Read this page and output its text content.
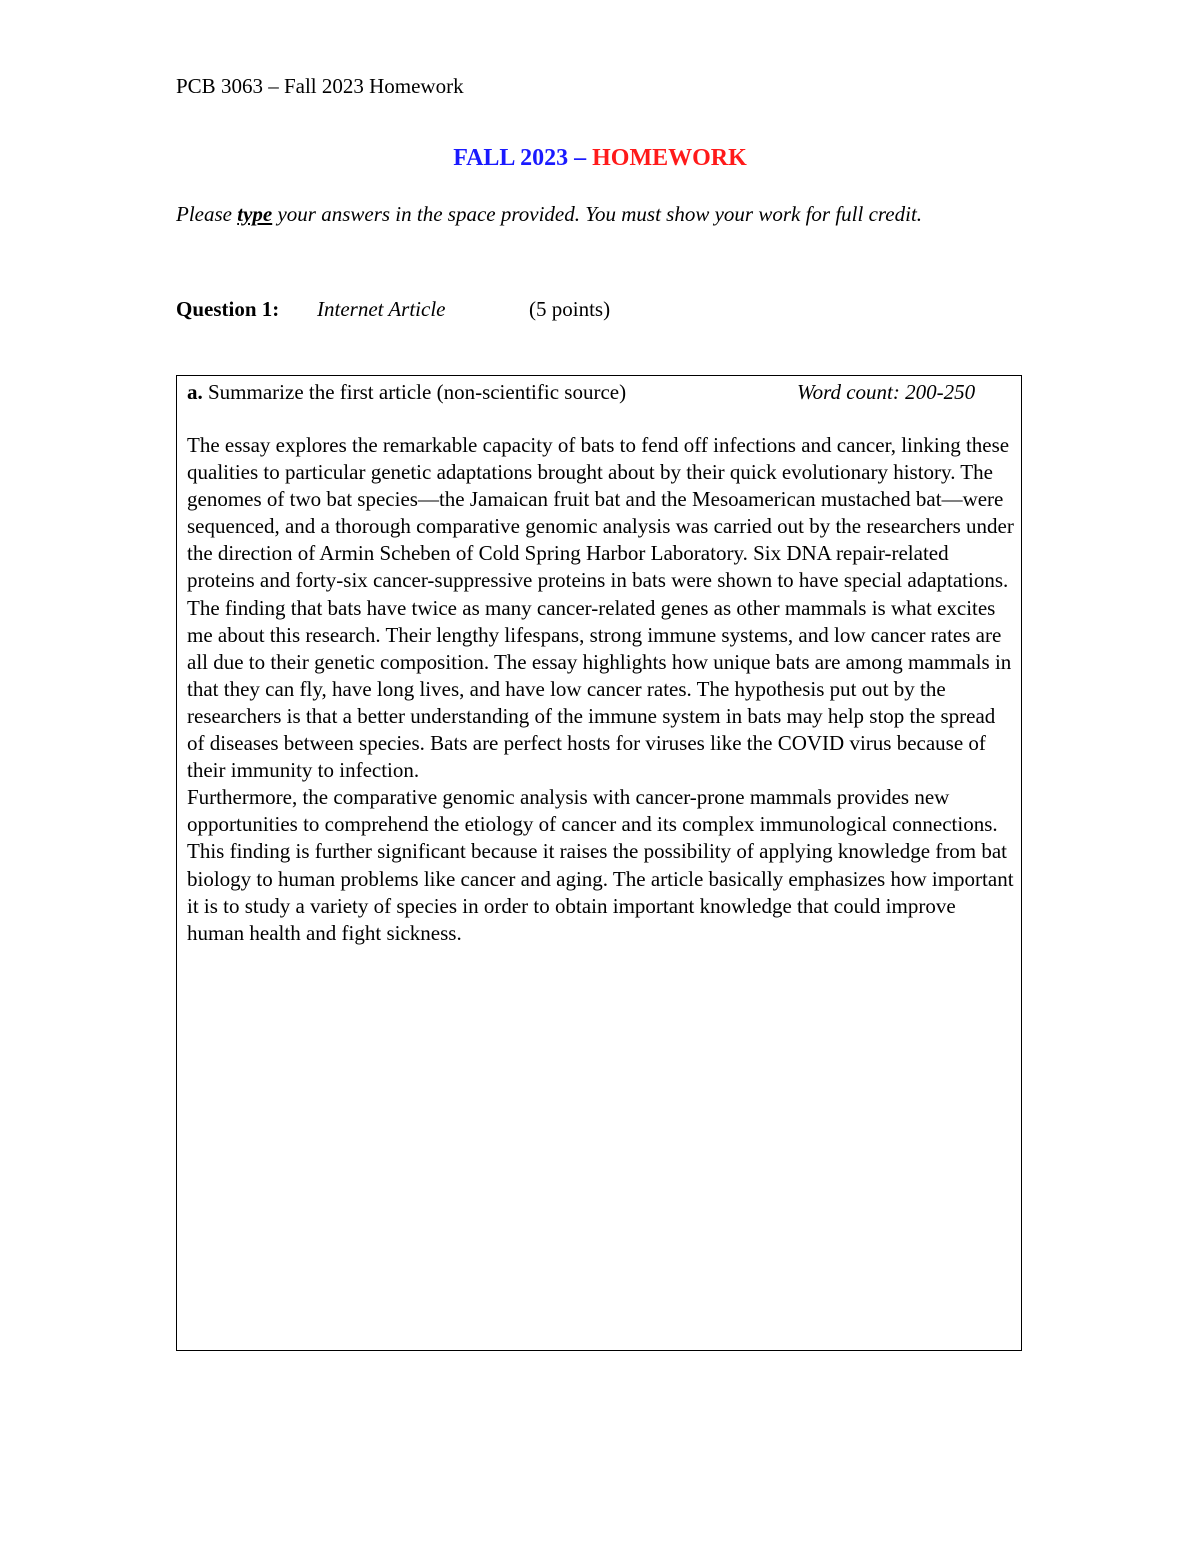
PCB 3063 – Fall 2023 Homework
FALL 2023 – HOMEWORK
Please type your answers in the space provided. You must show your work for full credit.
Question 1: Internet Article	(5 points)
a. Summarize the first article (non-scientific source)	Word count: 200-250

The essay explores the remarkable capacity of bats to fend off infections and cancer, linking these qualities to particular genetic adaptations brought about by their quick evolutionary history. The genomes of two bat species—the Jamaican fruit bat and the Mesoamerican mustached bat—were sequenced, and a thorough comparative genomic analysis was carried out by the researchers under the direction of Armin Scheben of Cold Spring Harbor Laboratory. Six DNA repair-related proteins and forty-six cancer-suppressive proteins in bats were shown to have special adaptations.

The finding that bats have twice as many cancer-related genes as other mammals is what excites me about this research. Their lengthy lifespans, strong immune systems, and low cancer rates are all due to their genetic composition. The essay highlights how unique bats are among mammals in that they can fly, have long lives, and have low cancer rates. The hypothesis put out by the researchers is that a better understanding of the immune system in bats may help stop the spread of diseases between species. Bats are perfect hosts for viruses like the COVID virus because of their immunity to infection.

Furthermore, the comparative genomic analysis with cancer-prone mammals provides new opportunities to comprehend the etiology of cancer and its complex immunological connections. This finding is further significant because it raises the possibility of applying knowledge from bat biology to human problems like cancer and aging. The article basically emphasizes how important it is to study a variety of species in order to obtain important knowledge that could improve human health and fight sickness.
